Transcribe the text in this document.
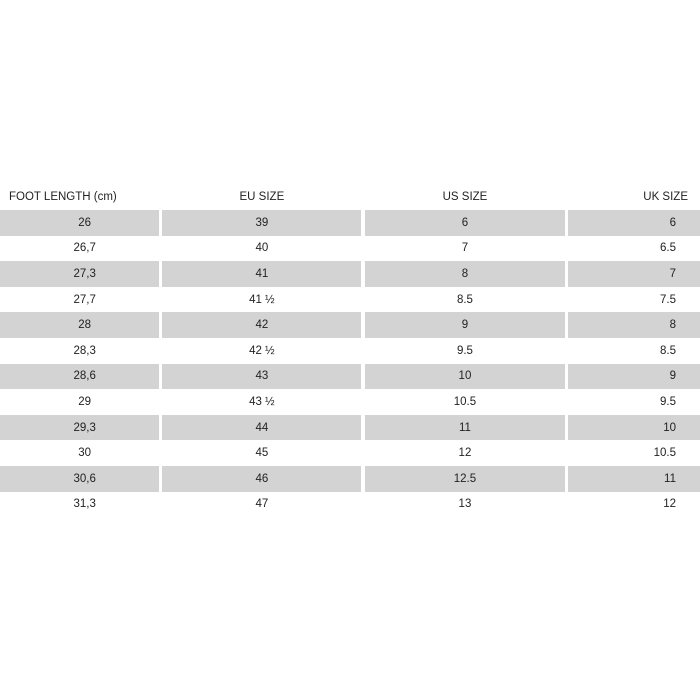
FOOT LENGTH (cm)	EU SIZE	US SIZE	UK SIZE
26	39	6	6
26,7	40	7	6.5
27,3	41	8	7
27,7	41 ½	8.5	7.5
28	42	9	8
28,3	42 ½	9.5	8.5
28,6	43	10	9
29	43 ½	10.5	9.5
29,3	44	11	10
30	45	12	10.5
30,6	46	12.5	11
31,3	47	13	12
